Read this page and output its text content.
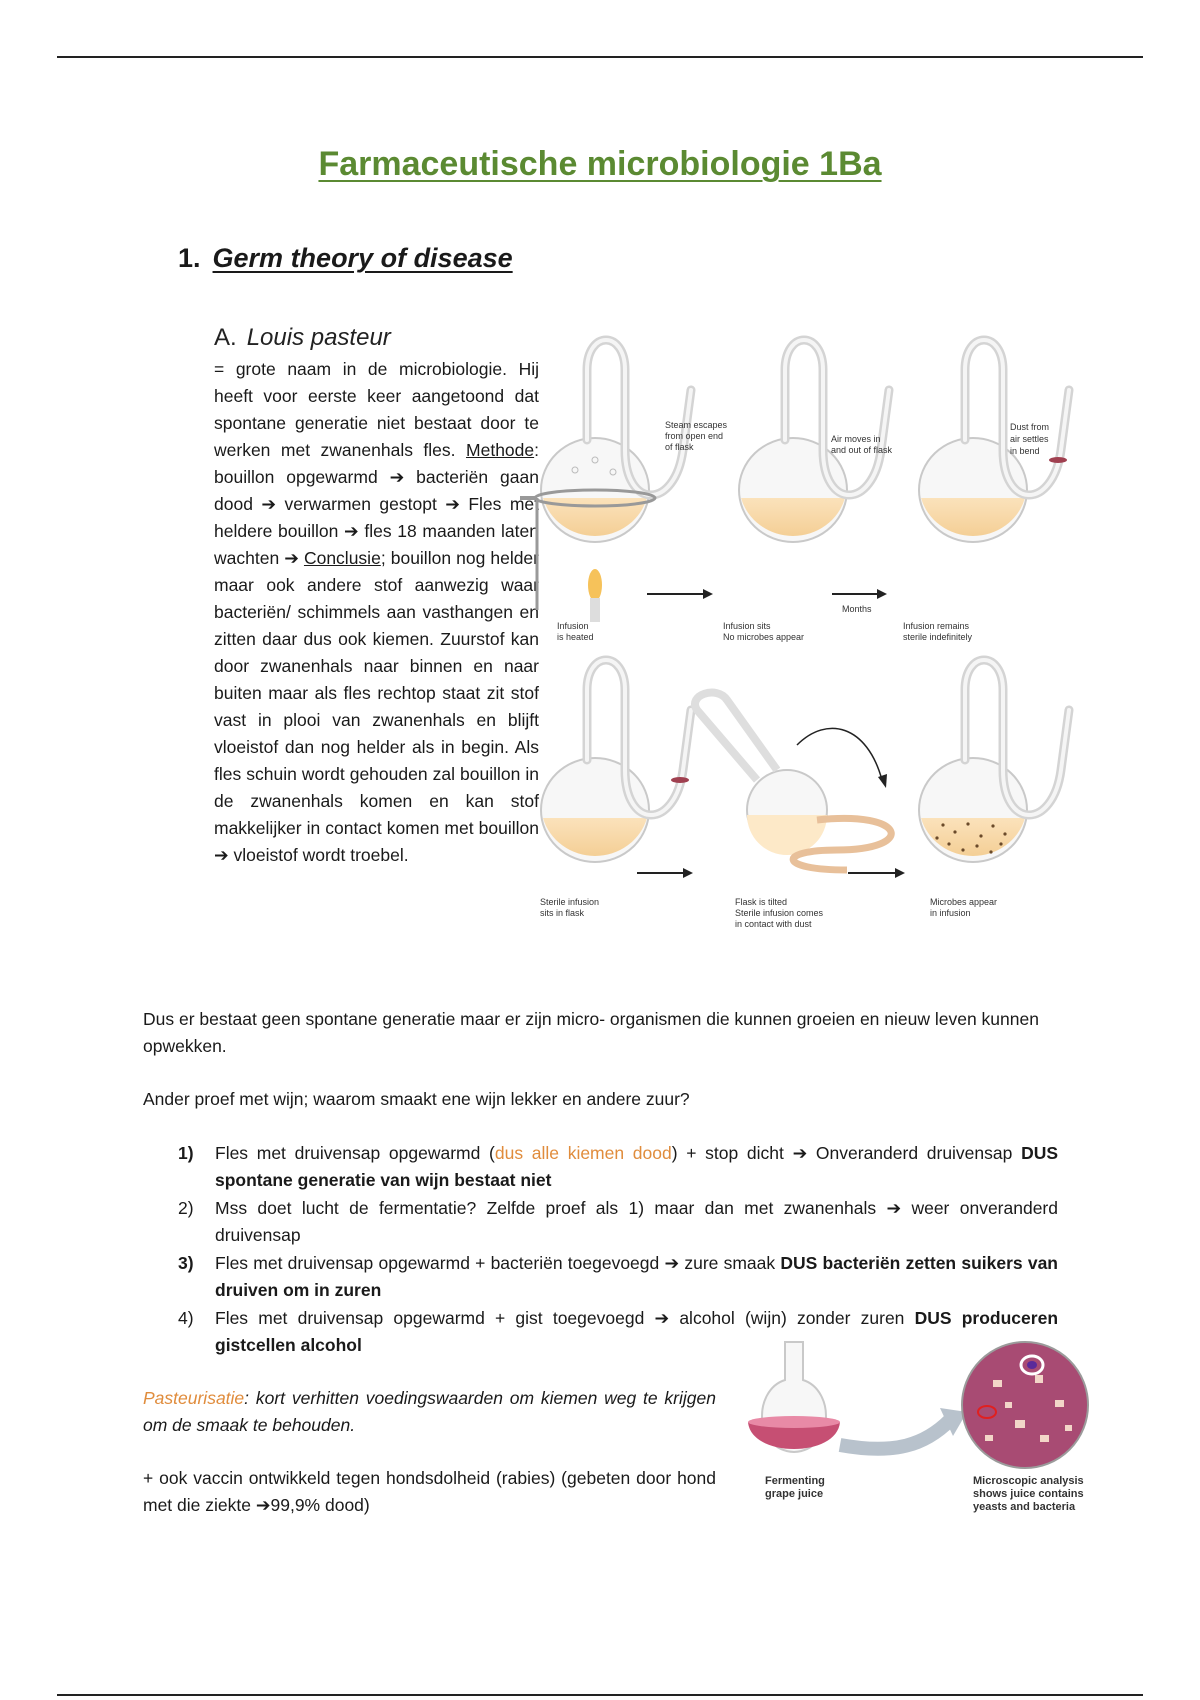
Farmaceutische microbiologie 1Ba
1. Germ theory of disease
A. Louis pasteur
= grote naam in de microbiologie. Hij heeft voor eerste keer aangetoond dat spontane generatie niet bestaat door te werken met zwanenhals fles. Methode: bouillon opgewarmd ➔ bacteriën gaan dood ➔ verwarmen gestopt ➔ Fles met heldere bouillon ➔ fles 18 maanden laten wachten ➔ Conclusie; bouillon nog helder maar ook andere stof aanwezig waar bacteriën/ schimmels aan vasthangen en zitten daar dus ook kiemen. Zuurstof kan door zwanenhals naar binnen en naar buiten maar als fles rechtop staat zit stof vast in plooi van zwanenhals en blijft vloeistof dan nog helder als in begin. Als fles schuin wordt gehouden zal bouillon in de zwanenhals komen en kan stof makkelijker in contact komen met bouillon ➔ vloeistof wordt troebel.
Steam escapes
from open end
of flask
Air moves in
and out of flask
Dust from
air settles
in bend
Infusion
is heated
Infusion sits
No microbes appear
Months
Infusion remains
sterile indefinitely
Sterile infusion
sits in flask
Flask is tilted
Sterile infusion comes
in contact with dust
Microbes appear
in infusion
Dus er bestaat geen spontane generatie maar er zijn micro- organismen die kunnen groeien en nieuw leven kunnen opwekken.
Ander proef met wijn; waarom smaakt ene wijn lekker en andere zuur?
1) Fles met druivensap opgewarmd (dus alle kiemen dood) + stop dicht ➔ Onveranderd druivensap DUS spontane generatie van wijn bestaat niet
2) Mss doet lucht de fermentatie? Zelfde proef als 1) maar dan met zwanenhals ➔ weer onveranderd druivensap
3) Fles met druivensap opgewarmd + bacteriën toegevoegd ➔ zure smaak DUS bacteriën zetten suikers van druiven om in zuren
4) Fles met druivensap opgewarmd + gist toegevoegd ➔ alcohol (wijn) zonder zuren DUS produceren gistcellen alcohol
Pasteurisatie: kort verhitten voedingswaarden om kiemen weg te krijgen om de smaak te behouden.
+ ook vaccin ontwikkeld tegen hondsdolheid (rabies) (gebeten door hond met die ziekte ➔99,9% dood)
Fermenting
grape juice
Microscopic analysis
shows juice contains
yeasts and bacteria
